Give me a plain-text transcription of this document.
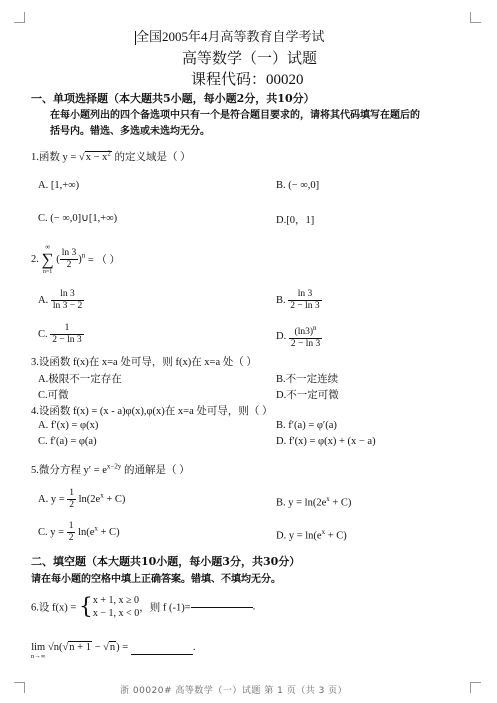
全国2005年4月高等教育自学考试
高等数学（一）试题
课程代码：00020
一、单项选择题（本大题共5小题，每小题2分，共10分）
在每小题列出的四个备选项中只有一个是符合题目要求的，请将其代码填写在题后的
括号内。错选、多选或未选均无分。
1.函数 $y = √x - x^2$ 的定义域是（ ）
A. [1,+∞)	B. (− ∞,0]
C. (− ∞,0]∪[1,+∞)	D.[0，1]
2.
∞
∑
n=1
( $\frac{\ln 3}{2} )^n$ = （ ）
A. $\frac{\ln 3}{\ln 3 - 2}$	B. $\frac{\ln 3}{2 - \ln 3}$
C. $\frac{1}{2 - \ln 3}$	D. $\frac{(\ln 3)^n}{2 - \ln 3}$
3.设函数 f(x)在 x=a 处可导，则 f(x)在 x=a 处（ ）
A.极限不一定存在	B.不一定连续
C.可微	D.不一定可微
4.设函数 f(x) = (x - a)φ(x),φ(x)在 x=a 处可导，则（ ）
A. f′(x) = φ(x)	B. f′(a) = φ′(a)
C. f′(a) = φ(a)	D. f′(x) = φ(x) + (x − a)
5.微分方程 $y' = e^{x-2y}$ 的通解是（ ）
A. $y = \frac{1}{2} \ln(2e^x + C)$	B. $y = \ln(2e^x + C)$
C. $y = \frac{1}{2} \ln(e^x + C)$	D. $y = \ln(e^x + C)$
二、填空题（本大题共10小题，每小题3分，共30分）
请在每小题的空格中填上正确答案。错填、不填均无分。
6.设 f(x) = { x + 1, x ≥ 0
x − 1, x < 0 ，则 f (-1)=	.
lim
n→∞
√n(√n + 1 − √n) =	.
浙 00020# 高等数学（一）试题 第 1 页（共 3 页）
